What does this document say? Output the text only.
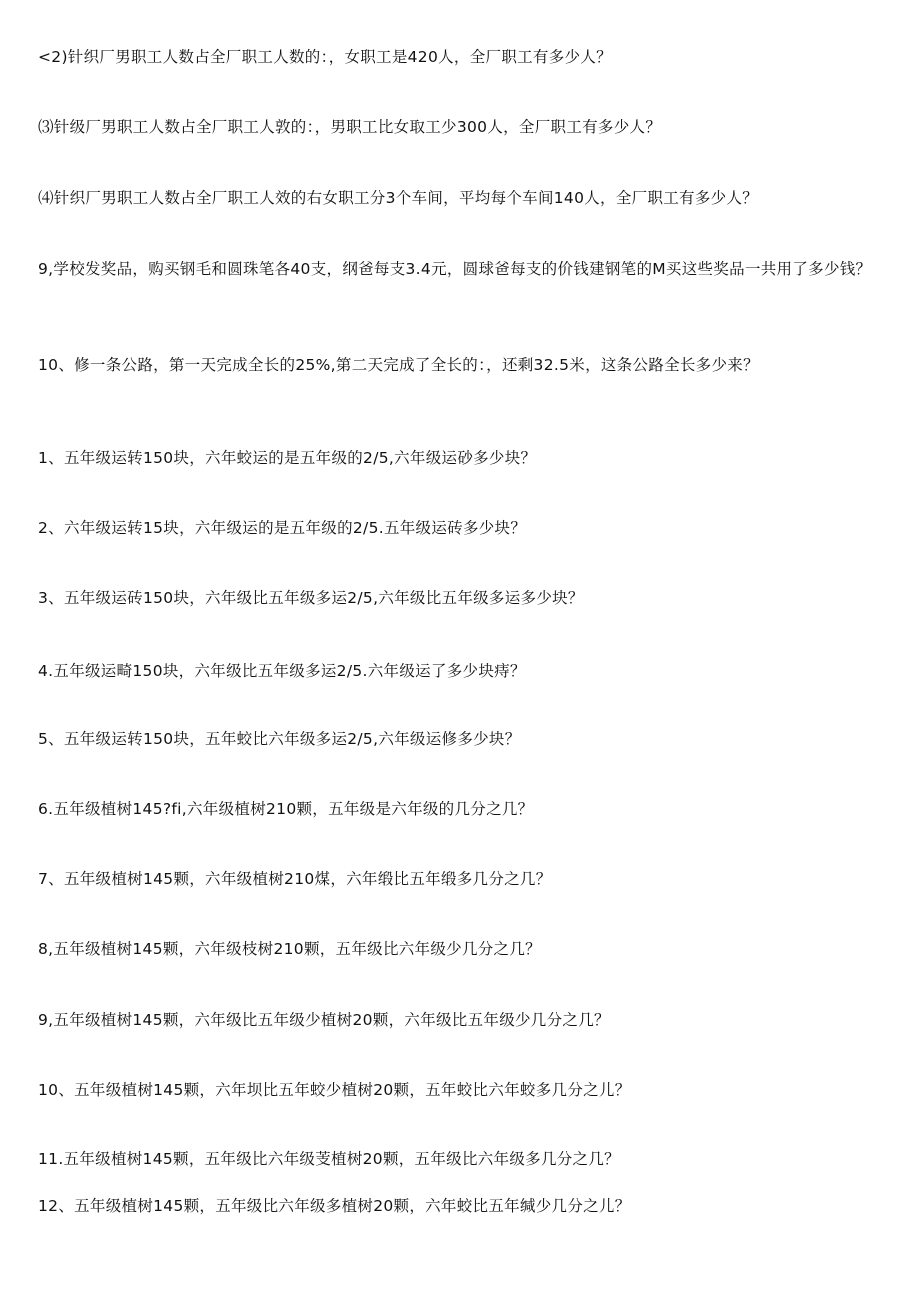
<2)针织厂男职工人数占全厂职工人数的：，女职工是420人，全厂职工有多少人？
⑶针级厂男职工人数占全厂职工人敦的：，男职工比女取工少300人，全厂职工有多少人？
⑷针织厂男职工人数占全厂职工人效的右女职工分3个车间，平均每个车间140人，全厂职工有多少人？
9,学校发奖品，购买钢毛和圆珠笔各40支，纲爸每支3.4元，圆球爸每支的价钱建钢笔的M买这些奖品一共用了多少钱？
10、修一条公路，第一天完成全长的25%,第二天完成了全长的：，还剩32.5米，这条公路全长多少来？
1、五年级运转150块，六年蛟运的是五年级的2/5,六年级运砂多少块？
2、六年级运转15块，六年级运的是五年级的2/5.五年级运砖多少块？
3、五年级运砖150块，六年级比五年级多运2/5,六年级比五年级多运多少块？
4.五年级运畸150块，六年级比五年级多运2/5.六年级运了多少块痔？
5、五年级运转150块，五年蛟比六年级多运2/5,六年级运修多少块？
6.五年级植树145?fi,六年级植树210颗，五年级是六年级的几分之几？
7、五年级植树145颗，六年级植树210煤，六年缎比五年缎多几分之几？
8,五年级植树145颗，六年级枝树210颗，五年级比六年级少几分之几？
9,五年级植树145颗，六年级比五年级少植树20颗，六年级比五年级少几分之几？
10、五年级植树145颗，六年坝比五年蛟少植树20颗，五年蛟比六年蛟多几分之儿？
11.五年级植树145颗，五年级比六年级芰植树20颗，五年级比六年级多几分之几？
12、五年级植树145颗，五年级比六年级多植树20颗，六年蛟比五年缄少几分之儿？
